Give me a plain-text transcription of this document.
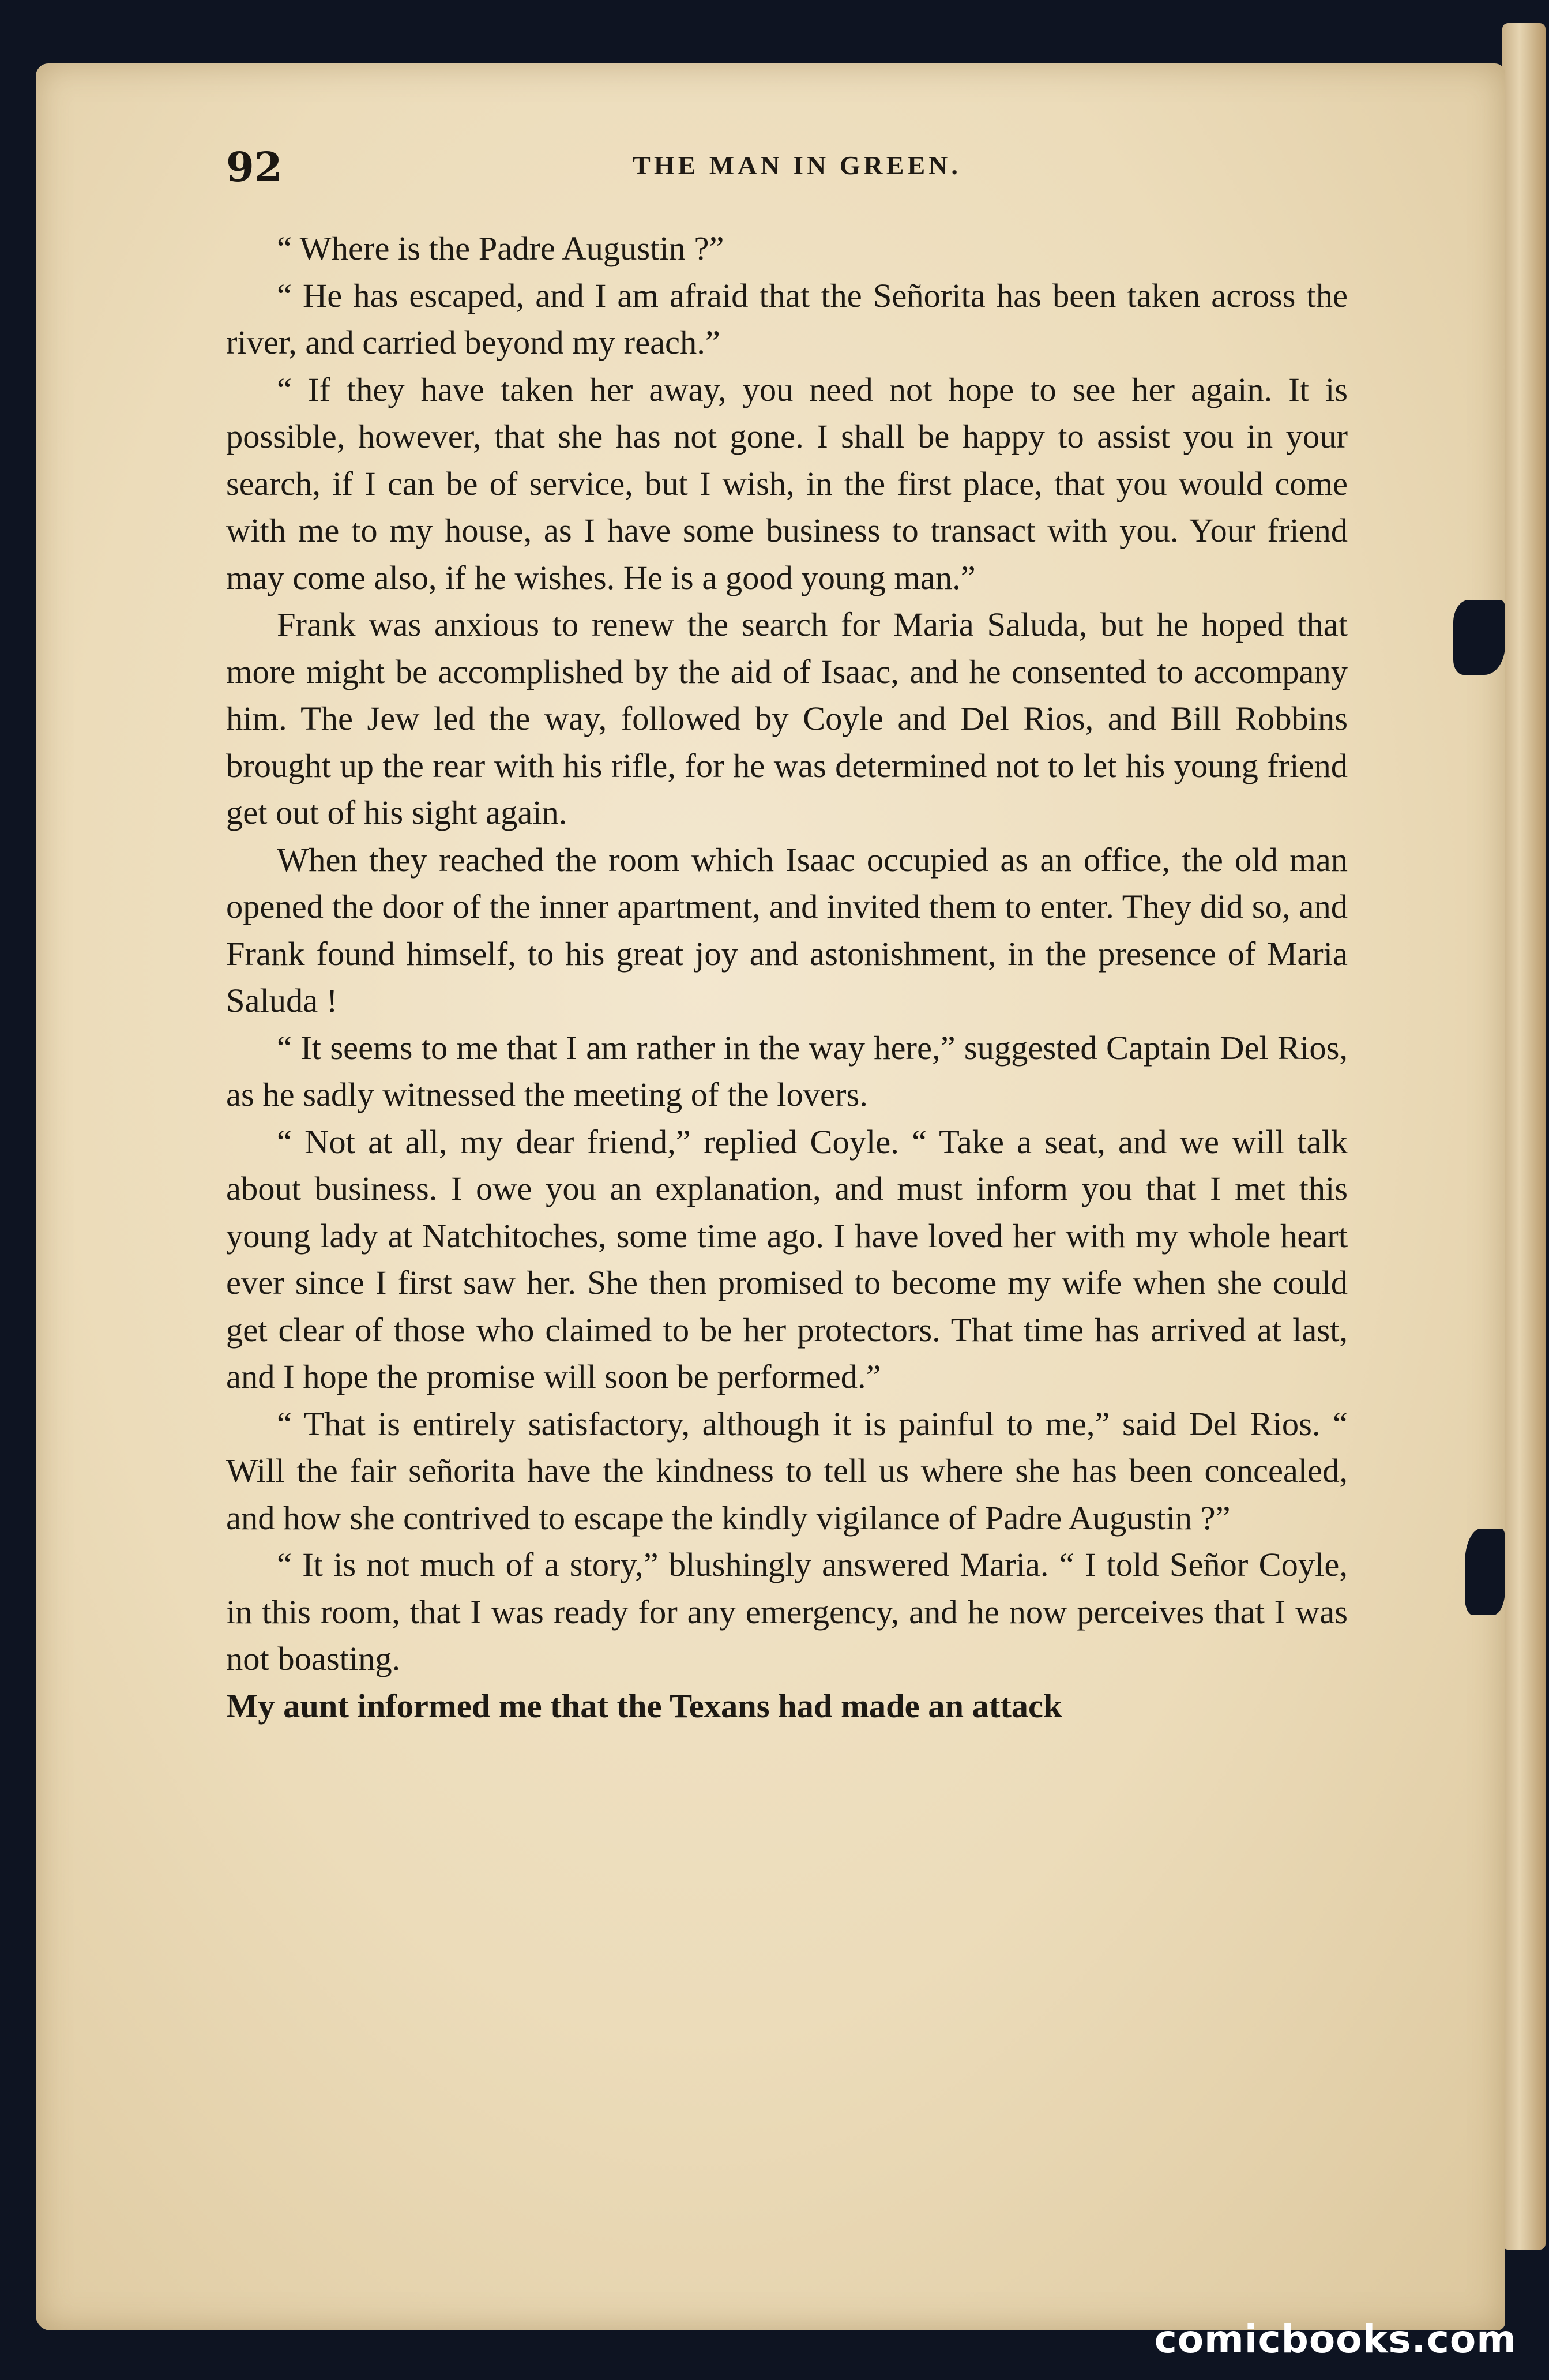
92	THE MAN IN GREEN.

“ Where is the Padre Augustin ?”

“ He has escaped, and I am afraid that the Señorita has been taken across the river, and carried beyond my reach.”

“ If they have taken her away, you need not hope to see her again. It is possible, however, that she has not gone. I shall be happy to assist you in your search, if I can be of service, but I wish, in the first place, that you would come with me to my house, as I have some business to transact with you. Your friend may come also, if he wishes. He is a good young man.”

Frank was anxious to renew the search for Maria Saluda, but he hoped that more might be accomplished by the aid of Isaac, and he consented to accompany him. The Jew led the way, followed by Coyle and Del Rios, and Bill Robbins brought up the rear with his rifle, for he was determined not to let his young friend get out of his sight again.

When they reached the room which Isaac occupied as an office, the old man opened the door of the inner apartment, and invited them to enter. They did so, and Frank found himself, to his great joy and astonishment, in the presence of Maria Saluda !

“ It seems to me that I am rather in the way here,” suggested Captain Del Rios, as he sadly witnessed the meeting of the lovers.

“ Not at all, my dear friend,” replied Coyle. “ Take a seat, and we will talk about business. I owe you an explanation, and must inform you that I met this young lady at Natchitoches, some time ago. I have loved her with my whole heart ever since I first saw her. She then promised to become my wife when she could get clear of those who claimed to be her protectors. That time has arrived at last, and I hope the promise will soon be performed.”

“ That is entirely satisfactory, although it is painful to me,” said Del Rios. “ Will the fair señorita have the kindness to tell us where she has been concealed, and how she contrived to escape the kindly vigilance of Padre Augustin ?”

“ It is not much of a story,” blushingly answered Maria. “ I told Señor Coyle, in this room, that I was ready for any emergency, and he now perceives that I was not boasting.

My aunt informed me that the Texans had made an attack

comicbooks.com
